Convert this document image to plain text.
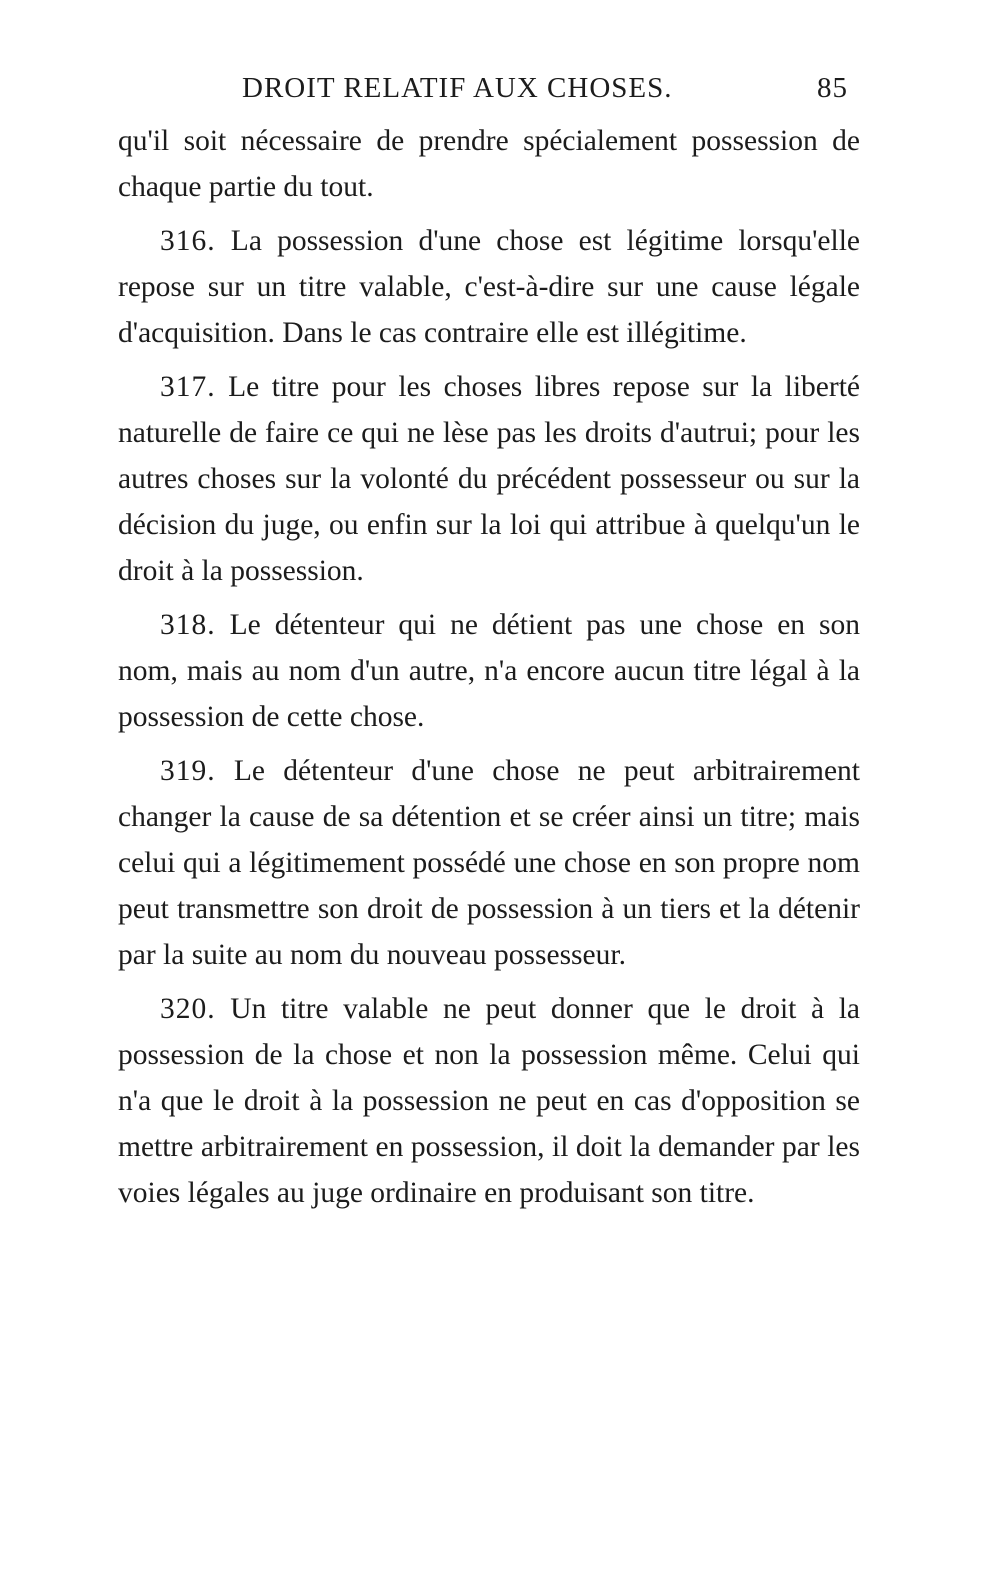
DROIT RELATIF AUX CHOSES.	85

qu'il soit nécessaire de prendre spécialement possession de chaque partie du tout.

316. La possession d'une chose est légitime lorsqu'elle repose sur un titre valable, c'est-à-dire sur une cause légale d'acquisition. Dans le cas contraire elle est illégitime.

317. Le titre pour les choses libres repose sur la liberté naturelle de faire ce qui ne lèse pas les droits d'autrui; pour les autres choses sur la volonté du précédent possesseur ou sur la décision du juge, ou enfin sur la loi qui attribue à quelqu'un le droit à la possession.

318. Le détenteur qui ne détient pas une chose en son nom, mais au nom d'un autre, n'a encore aucun titre légal à la possession de cette chose.

319. Le détenteur d'une chose ne peut arbitrairement changer la cause de sa détention et se créer ainsi un titre; mais celui qui a légitimement possédé une chose en son propre nom peut transmettre son droit de possession à un tiers et la détenir par la suite au nom du nouveau possesseur.

320. Un titre valable ne peut donner que le droit à la possession de la chose et non la possession même. Celui qui n'a que le droit à la possession ne peut en cas d'opposition se mettre arbitrairement en possession, il doit la demander par les voies légales au juge ordinaire en produisant son titre.
